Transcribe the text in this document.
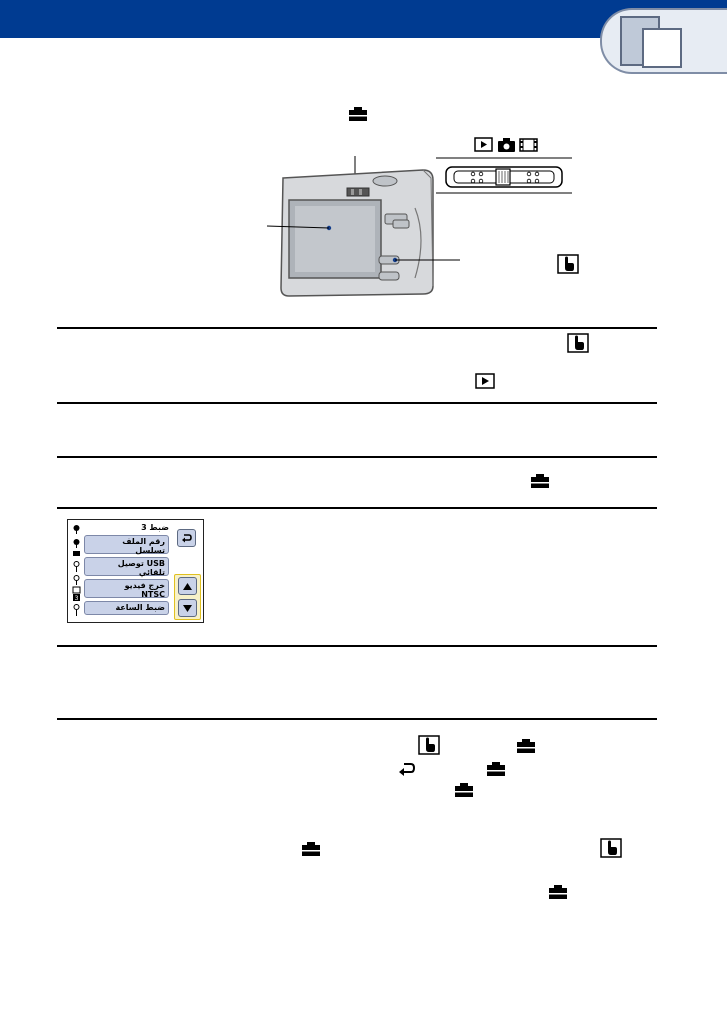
3
ضبط 3
رقم الملف
تسلسل
USB توصيل
تلقائي
خرج فيديو
NTSC
ضبط الساعة
